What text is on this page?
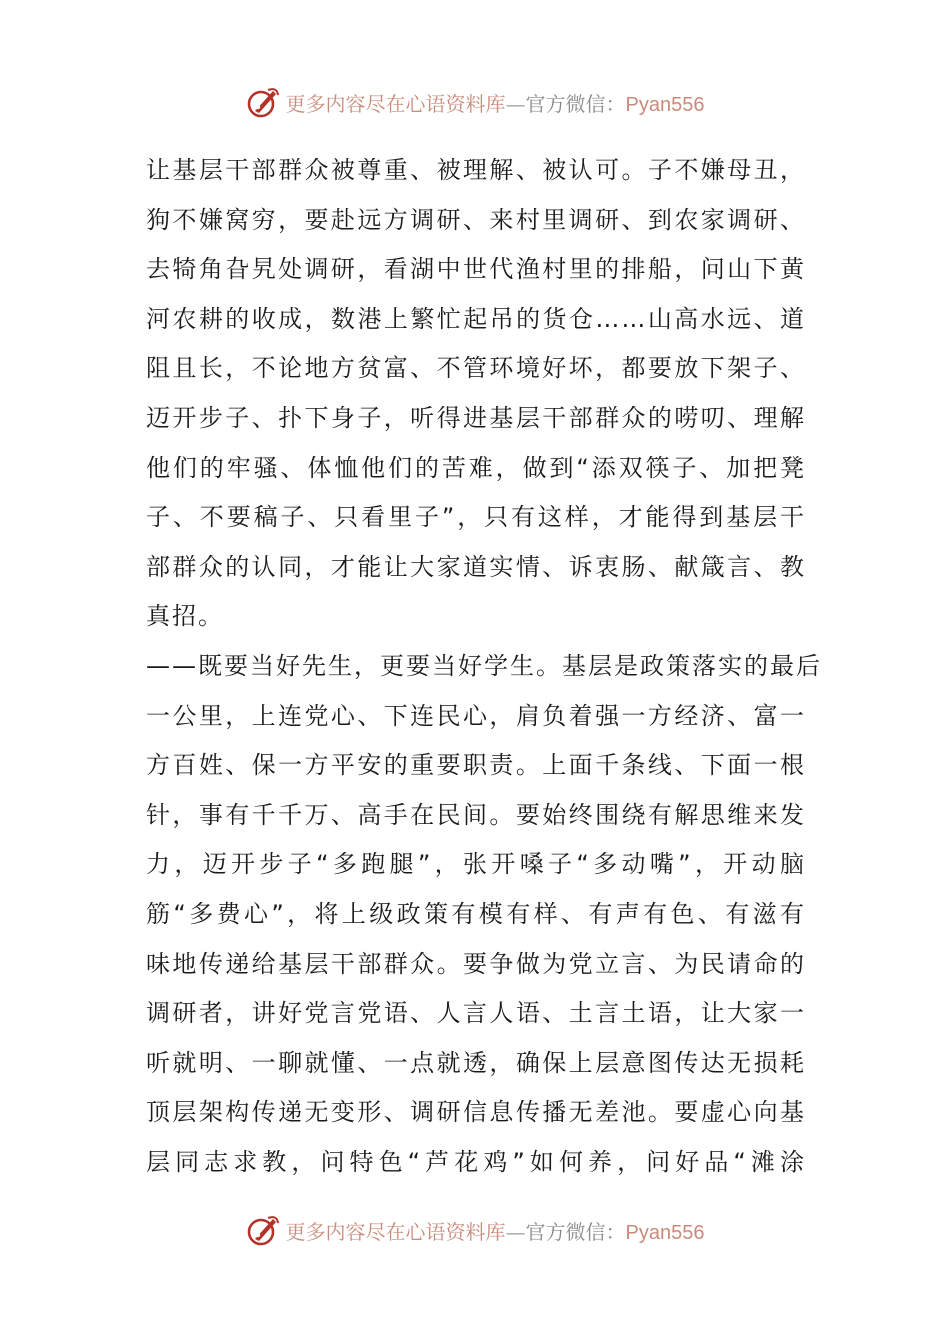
更多内容尽在心语资料库—官方微信：Pyan556
让基层干部群众被尊重、被理解、被认可。子不嫌母丑，
狗不嫌窝穷，要赴远方调研、来村里调研、到农家调研、
去犄角旮旯处调研，看湖中世代渔村里的排船，问山下黄
河农耕的收成，数港上繁忙起吊的货仓……山高水远、道
阻且长，不论地方贫富、不管环境好坏，都要放下架子、
迈开步子、扑下身子，听得进基层干部群众的唠叨、理解
他们的牢骚、体恤他们的苦难，做到“添双筷子、加把凳
子、不要稿子、只看里子”，只有这样，才能得到基层干
部群众的认同，才能让大家道实情、诉衷肠、献箴言、教
真招。
——既要当好先生，更要当好学生。基层是政策落实的最后
一公里，上连党心、下连民心，肩负着强一方经济、富一
方百姓、保一方平安的重要职责。上面千条线、下面一根
针，事有千千万、高手在民间。要始终围绕有解思维来发
力，迈开步子“多跑腿”，张开嗓子“多动嘴”，开动脑
筋“多费心”，将上级政策有模有样、有声有色、有滋有
味地传递给基层干部群众。要争做为党立言、为民请命的
调研者，讲好党言党语、人言人语、土言土语，让大家一
听就明、一聊就懂、一点就透，确保上层意图传达无损耗
顶层架构传递无变形、调研信息传播无差池。要虚心向基
层同志求教，问特色“芦花鸡”如何养，问好品“滩涂
更多内容尽在心语资料库—官方微信：Pyan556
